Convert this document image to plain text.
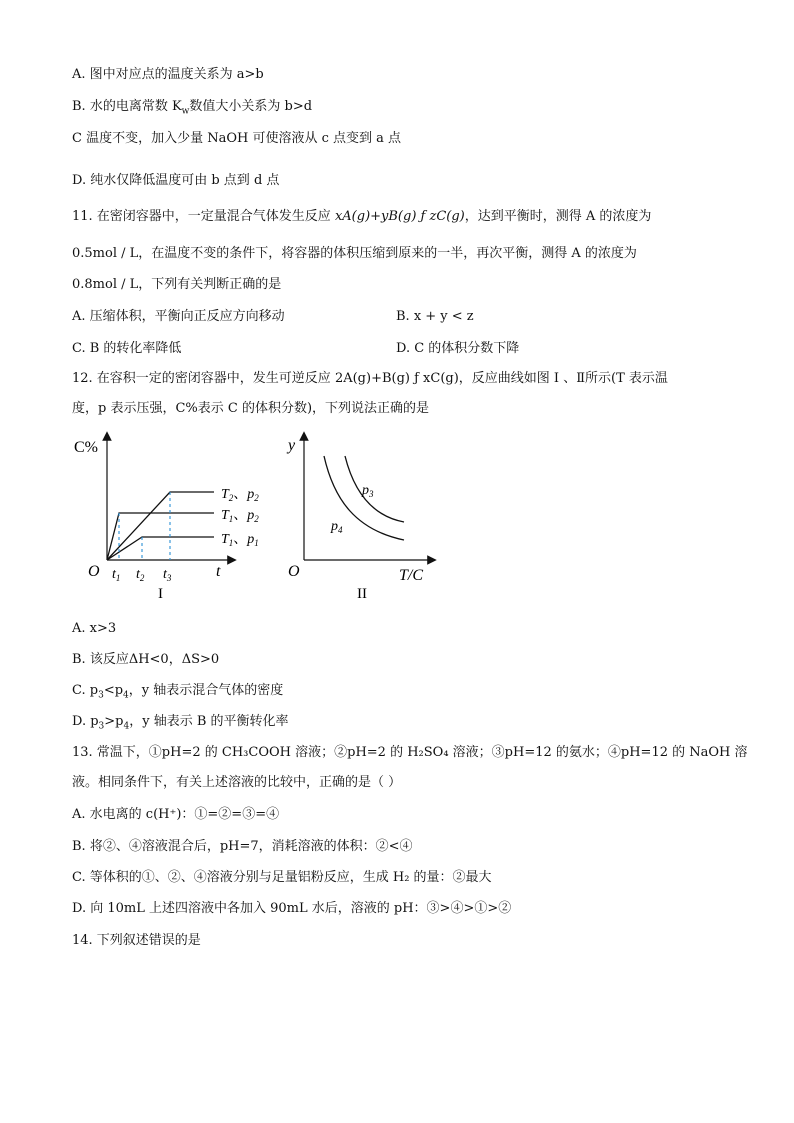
A. 图中对应点的温度关系为 a>b
B. 水的电离常数 $K_w$数值大小关系为 b>d
C 温度不变，加入少量 NaOH 可使溶液从 c 点变到 a 点
D. 纯水仅降低温度可由 b 点到 d 点
11. 在密闭容器中，一定量混合气体发生反应 xA(g)+yB(g) ƒ zC(g)，达到平衡时，测得 A 的浓度为
0.5mol / L，在温度不变的条件下，将容器的体积压缩到原来的一半，再次平衡，测得 A 的浓度为
0.8mol / L，下列有关判断正确的是
A. 压缩体积，平衡向正反应方向移动	B. x + y < z
C. B 的转化率降低	D. C 的体积分数下降
12. 在容积一定的密闭容器中，发生可逆反应 2A(g)+B(g) ƒ xC(g)，反应曲线如图 I 、Ⅱ所示(T 表示温
度，p 表示压强，C%表示 C 的体积分数)，下列说法正确的是
C%
O	t
$t_1$ $t_2$ $t_3$
$T_2$、$p_2$
$T_1$、$p_2$
$T_1$、$p_1$
I
y
O	T/C
$p_3$
$p_4$
II
A. x>3
B. 该反应ΔH<0，ΔS>0
C. $p_3<p_4$，y 轴表示混合气体的密度
D. $p_3>p_4$，y 轴表示 B 的平衡转化率
13. 常温下，①pH=2 的 CH₃COOH 溶液；②pH=2 的 H₂SO₄ 溶液；③pH=12 的氨水；④pH=12 的 NaOH 溶
液。相同条件下，有关上述溶液的比较中，正确的是（ ）
A. 水电离的 c(H⁺)：①=②=③=④
B. 将②、④溶液混合后，pH=7，消耗溶液的体积：②<④
C. 等体积的①、②、④溶液分别与足量铝粉反应，生成 H₂ 的量：②最大
D. 向 10mL 上述四溶液中各加入 90mL 水后，溶液的 pH：③>④>①>②
14. 下列叙述错误的是
